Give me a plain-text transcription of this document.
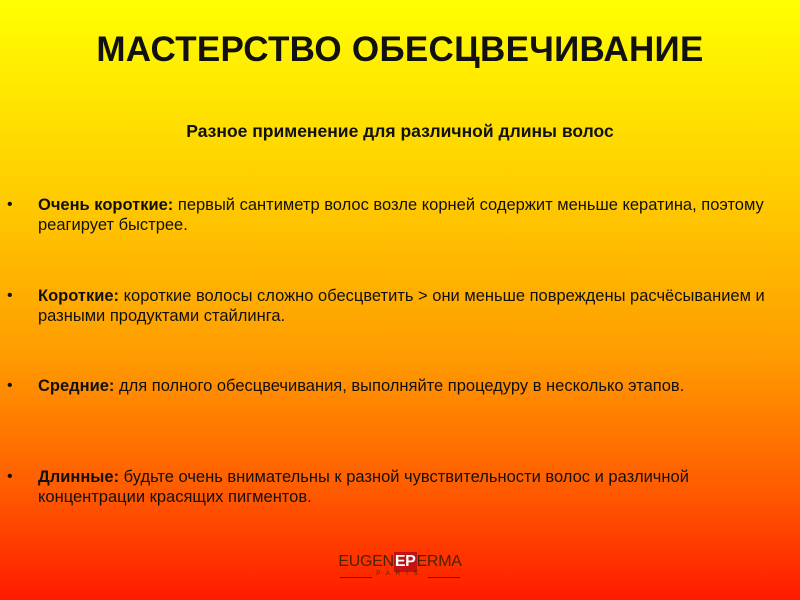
МАСТЕРСТВО ОБЕСЦВЕЧИВАНИЕ

Разное применение для различной длины волос

• Очень короткие: первый сантиметр волос возле корней содержит меньше кератина, поэтому реагирует быстрее.
• Короткие: короткие волосы сложно обесцветить > они меньше повреждены расчёсыванием и разными продуктами стайлинга.
• Средние: для полного обесцвечивания, выполняйте процедуру в несколько этапов.
• Длинные: будьте очень внимательны к разной чувствительности волос и различной концентрации красящих пигментов.
EUGENEPERMA
PARIS
